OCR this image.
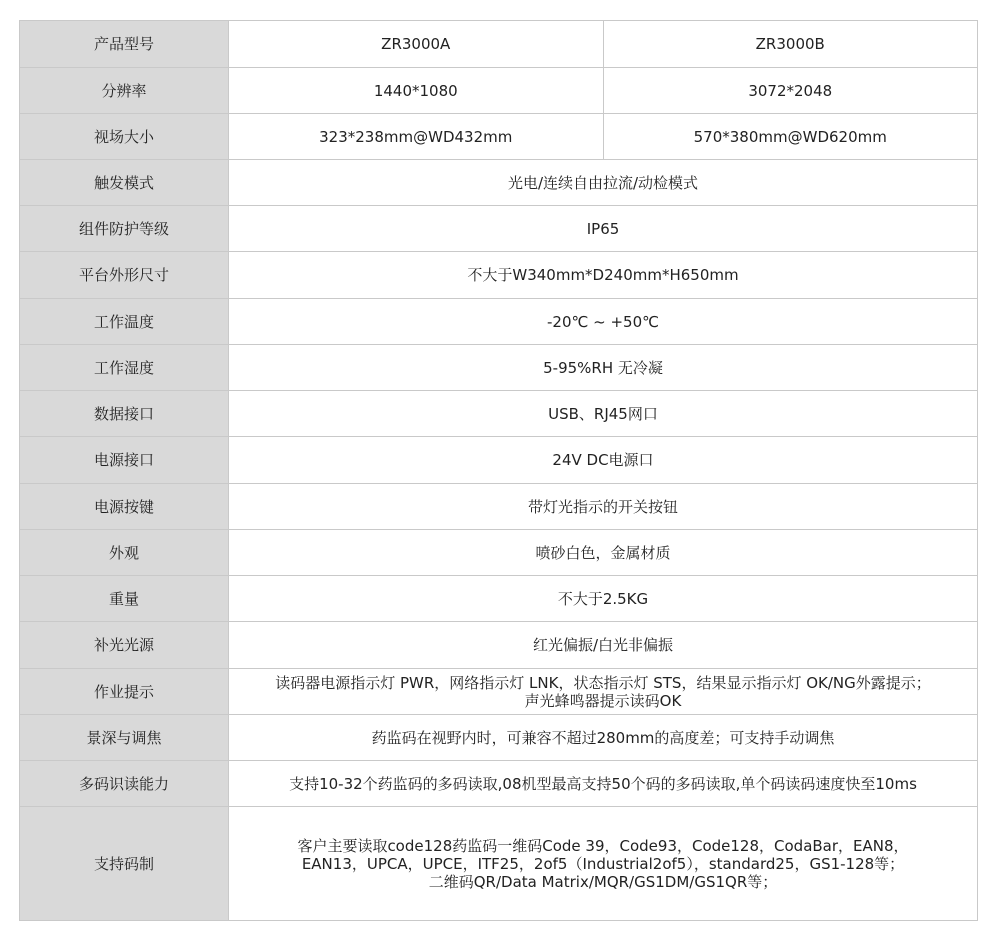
产品型号	ZR3000A	ZR3000B
分辨率	1440*1080	3072*2048
视场大小	323*238mm@WD432mm	570*380mm@WD620mm
触发模式	光电/连续自由拉流/动检模式	
组件防护等级	IP65	
平台外形尺寸	不大于W340mm*D240mm*H650mm	
工作温度	-20℃ ~ +50℃	
工作湿度	5-95%RH 无冷凝	
数据接口	USB、RJ45网口	
电源接口	24V DC电源口	
电源按键	带灯光指示的开关按钮	
外观	喷砂白色，金属材质	
重量	不大于2.5KG	
补光光源	红光偏振/白光非偏振	
作业提示	读码器电源指示灯 PWR，网络指示灯 LNK，状态指示灯 STS，结果显示指示灯 OK/NG外露提示；
声光蜂鸣器提示读码OK	
景深与调焦	药监码在视野内时，可兼容不超过280mm的高度差；可支持手动调焦	
多码识读能力	支持10-32个药监码的多码读取,08机型最高支持50个码的多码读取,单个码读码速度快至10ms	
支持码制	客户主要读取code128药监码一维码Code 39，Code93，Code128，CodaBar，EAN8，
EAN13，UPCA，UPCE，ITF25，2of5（Industrial2of5），standard25，GS1-128等；
二维码QR/Data Matrix/MQR/GS1DM/GS1QR等；	
